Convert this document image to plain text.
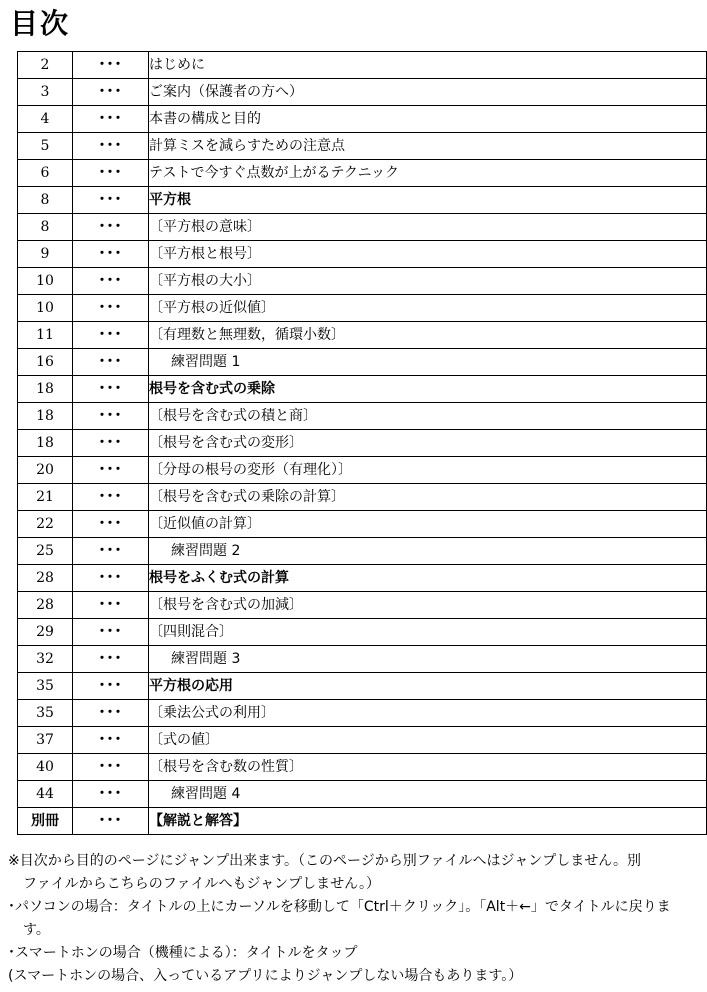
目次
2	･･･	はじめに
3	･･･	ご案内（保護者の方へ）
4	･･･	本書の構成と目的
5	･･･	計算ミスを減らすための注意点
6	･･･	テストで今すぐ点数が上がるテクニック
8	･･･	平方根
8	･･･	〔平方根の意味〕
9	･･･	〔平方根と根号〕
10	･･･	〔平方根の大小〕
10	･･･	〔平方根の近似値〕
11	･･･	〔有理数と無理数，循環小数〕
16	･･･	練習問題 1
18	･･･	根号を含む式の乗除
18	･･･	〔根号を含む式の積と商〕
18	･･･	〔根号を含む式の変形〕
20	･･･	〔分母の根号の変形（有理化）〕
21	･･･	〔根号を含む式の乗除の計算〕
22	･･･	〔近似値の計算〕
25	･･･	練習問題 2
28	･･･	根号をふくむ式の計算
28	･･･	〔根号を含む式の加減〕
29	･･･	〔四則混合〕
32	･･･	練習問題 3
35	･･･	平方根の応用
35	･･･	〔乗法公式の利用〕
37	･･･	〔式の値〕
40	･･･	〔根号を含む数の性質〕
44	･･･	練習問題 4
別冊	･･･	【解説と解答】

※目次から目的のページにジャンプ出来ます。（このページから別ファイルへはジャンプしません。別

ファイルからこちらのファイルへもジャンプしません。）

･パソコンの場合：タイトルの上にカーソルを移動して「Ctrl＋クリック」。「Alt＋←」でタイトルに戻りま

す。

･スマートホンの場合（機種による）：タイトルをタップ

(スマートホンの場合、入っているアプリによりジャンプしない場合もあります。）
